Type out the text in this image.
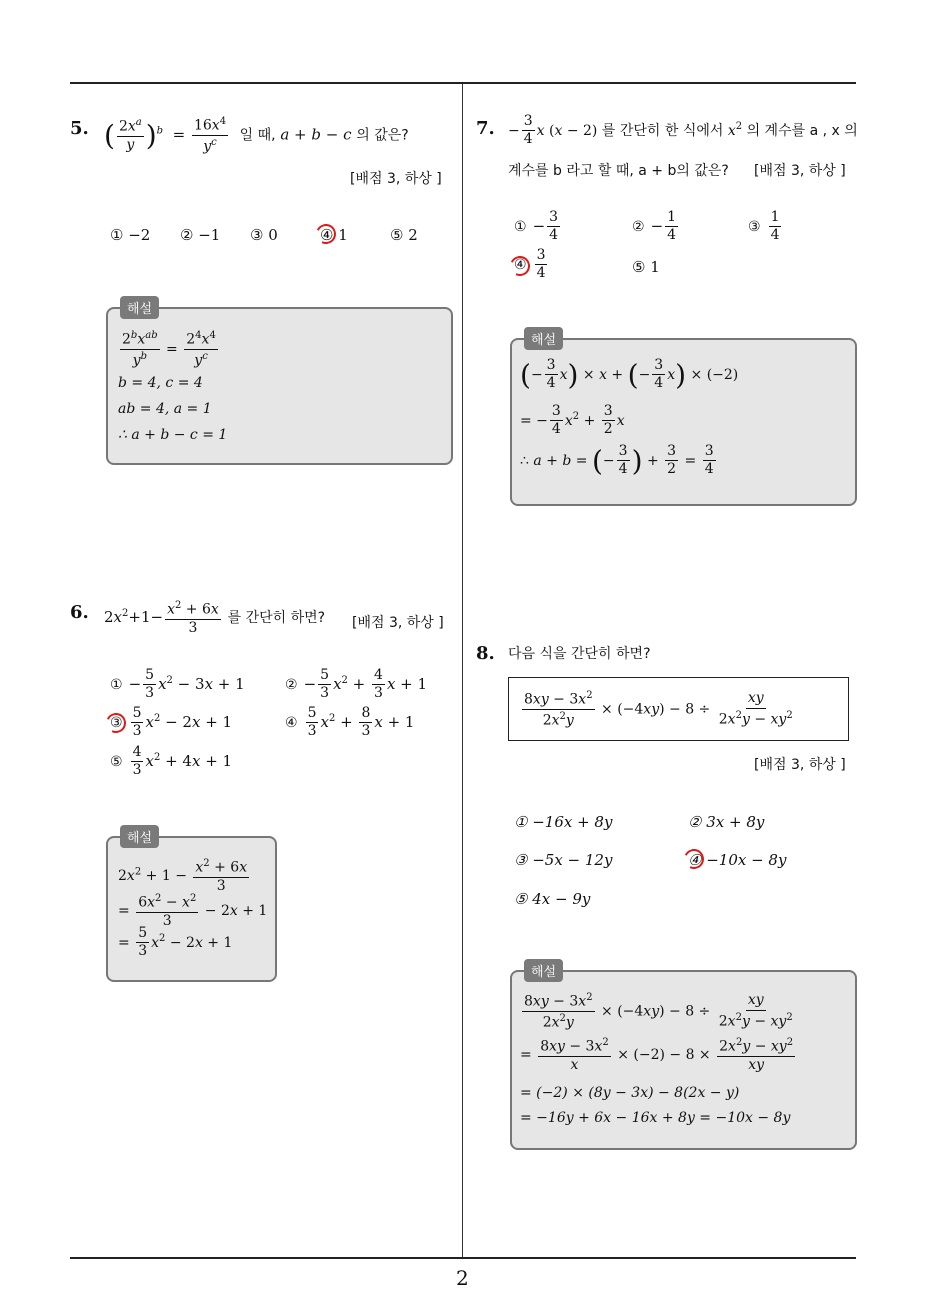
5. ( $\frac{2x^a}{y} )^b = \frac{16x^4}{y^c}$ 일 때, a + b − c 의 값은?
[배점 3, 하상 ]
① −2 ② −1 ③ 0	④ 1	⑤ 2
해설
$\frac{2^bx^{ab}}{y^b} = \frac{2^4x^4}{y^c}$
b = 4, c = 4
ab = 4, a = 1
∴ a + b − c = 1
6. $2x^2+1- \frac{x^2 + 6x}{3}$ 를 간단히 하면? [배점 3, 하상 ]
① − $\frac{5}{3} x^2 - 3x + 1$	② − $\frac{5}{3} x^2 + \frac{4}{3}$ x + 1
③ $\frac{5}{3} x^2 - 2x + 1$	④ $\frac{5}{3} x^2 + \frac{8}{3}$ x + 1
⑤ $\frac{4}{3} x^2 + 4x + 1$
해설
$2x^2 + 1 - \frac{x^2 + 6x}{3}$
= $\frac{6x^2 - x^2}{3} - 2x + 1$
= $\frac{5}{3} x^2 - 2x + 1$
7. − $\frac{3}{4}$ x (x − 2) 를 간단히 한 식에서 $x^2$ 의 계수를 a , x 의
계수를 b 라고 할 때, a + b의 값은? [배점 3, 하상 ]
① − $\frac{3}{4}$	② − $\frac{1}{4}$	③ $\frac{1}{4}$
④ $\frac{3}{4}$	⑤ 1
해설
(− $\frac{3}{4} x) \times x$ + (− $\frac{3}{4} x) \times (-2)$
= − $\frac{3}{4} x^2 + \frac{3}{2}$ x
∴ a + b = (− $\frac{3}{4}$ ) + $\frac{3}{2} = \frac{3}{4}$
8. 다음 식을 간단히 하면?
$\frac{8xy - 3x^2}{2x^2y} \times (-4xy) - 8 \div \frac{xy}{2x^2y - xy^2}$
[배점 3, 하상 ]
① −16x + 8y	② 3x + 8y
③ −5x − 12y	④ −10x − 8y
⑤ 4x − 9y
해설
$\frac{8xy - 3x^2}{2x^2y} \times (-4xy) - 8 \div \frac{xy}{2x^2y - xy^2}$
= $\frac{8xy - 3x^2}{x} \times (-2) - 8 \times \frac{2x^2y - xy^2}{xy}$
= (−2) × (8y − 3x) − 8(2x − y)
= −16y + 6x − 16x + 8y = −10x − 8y
2
